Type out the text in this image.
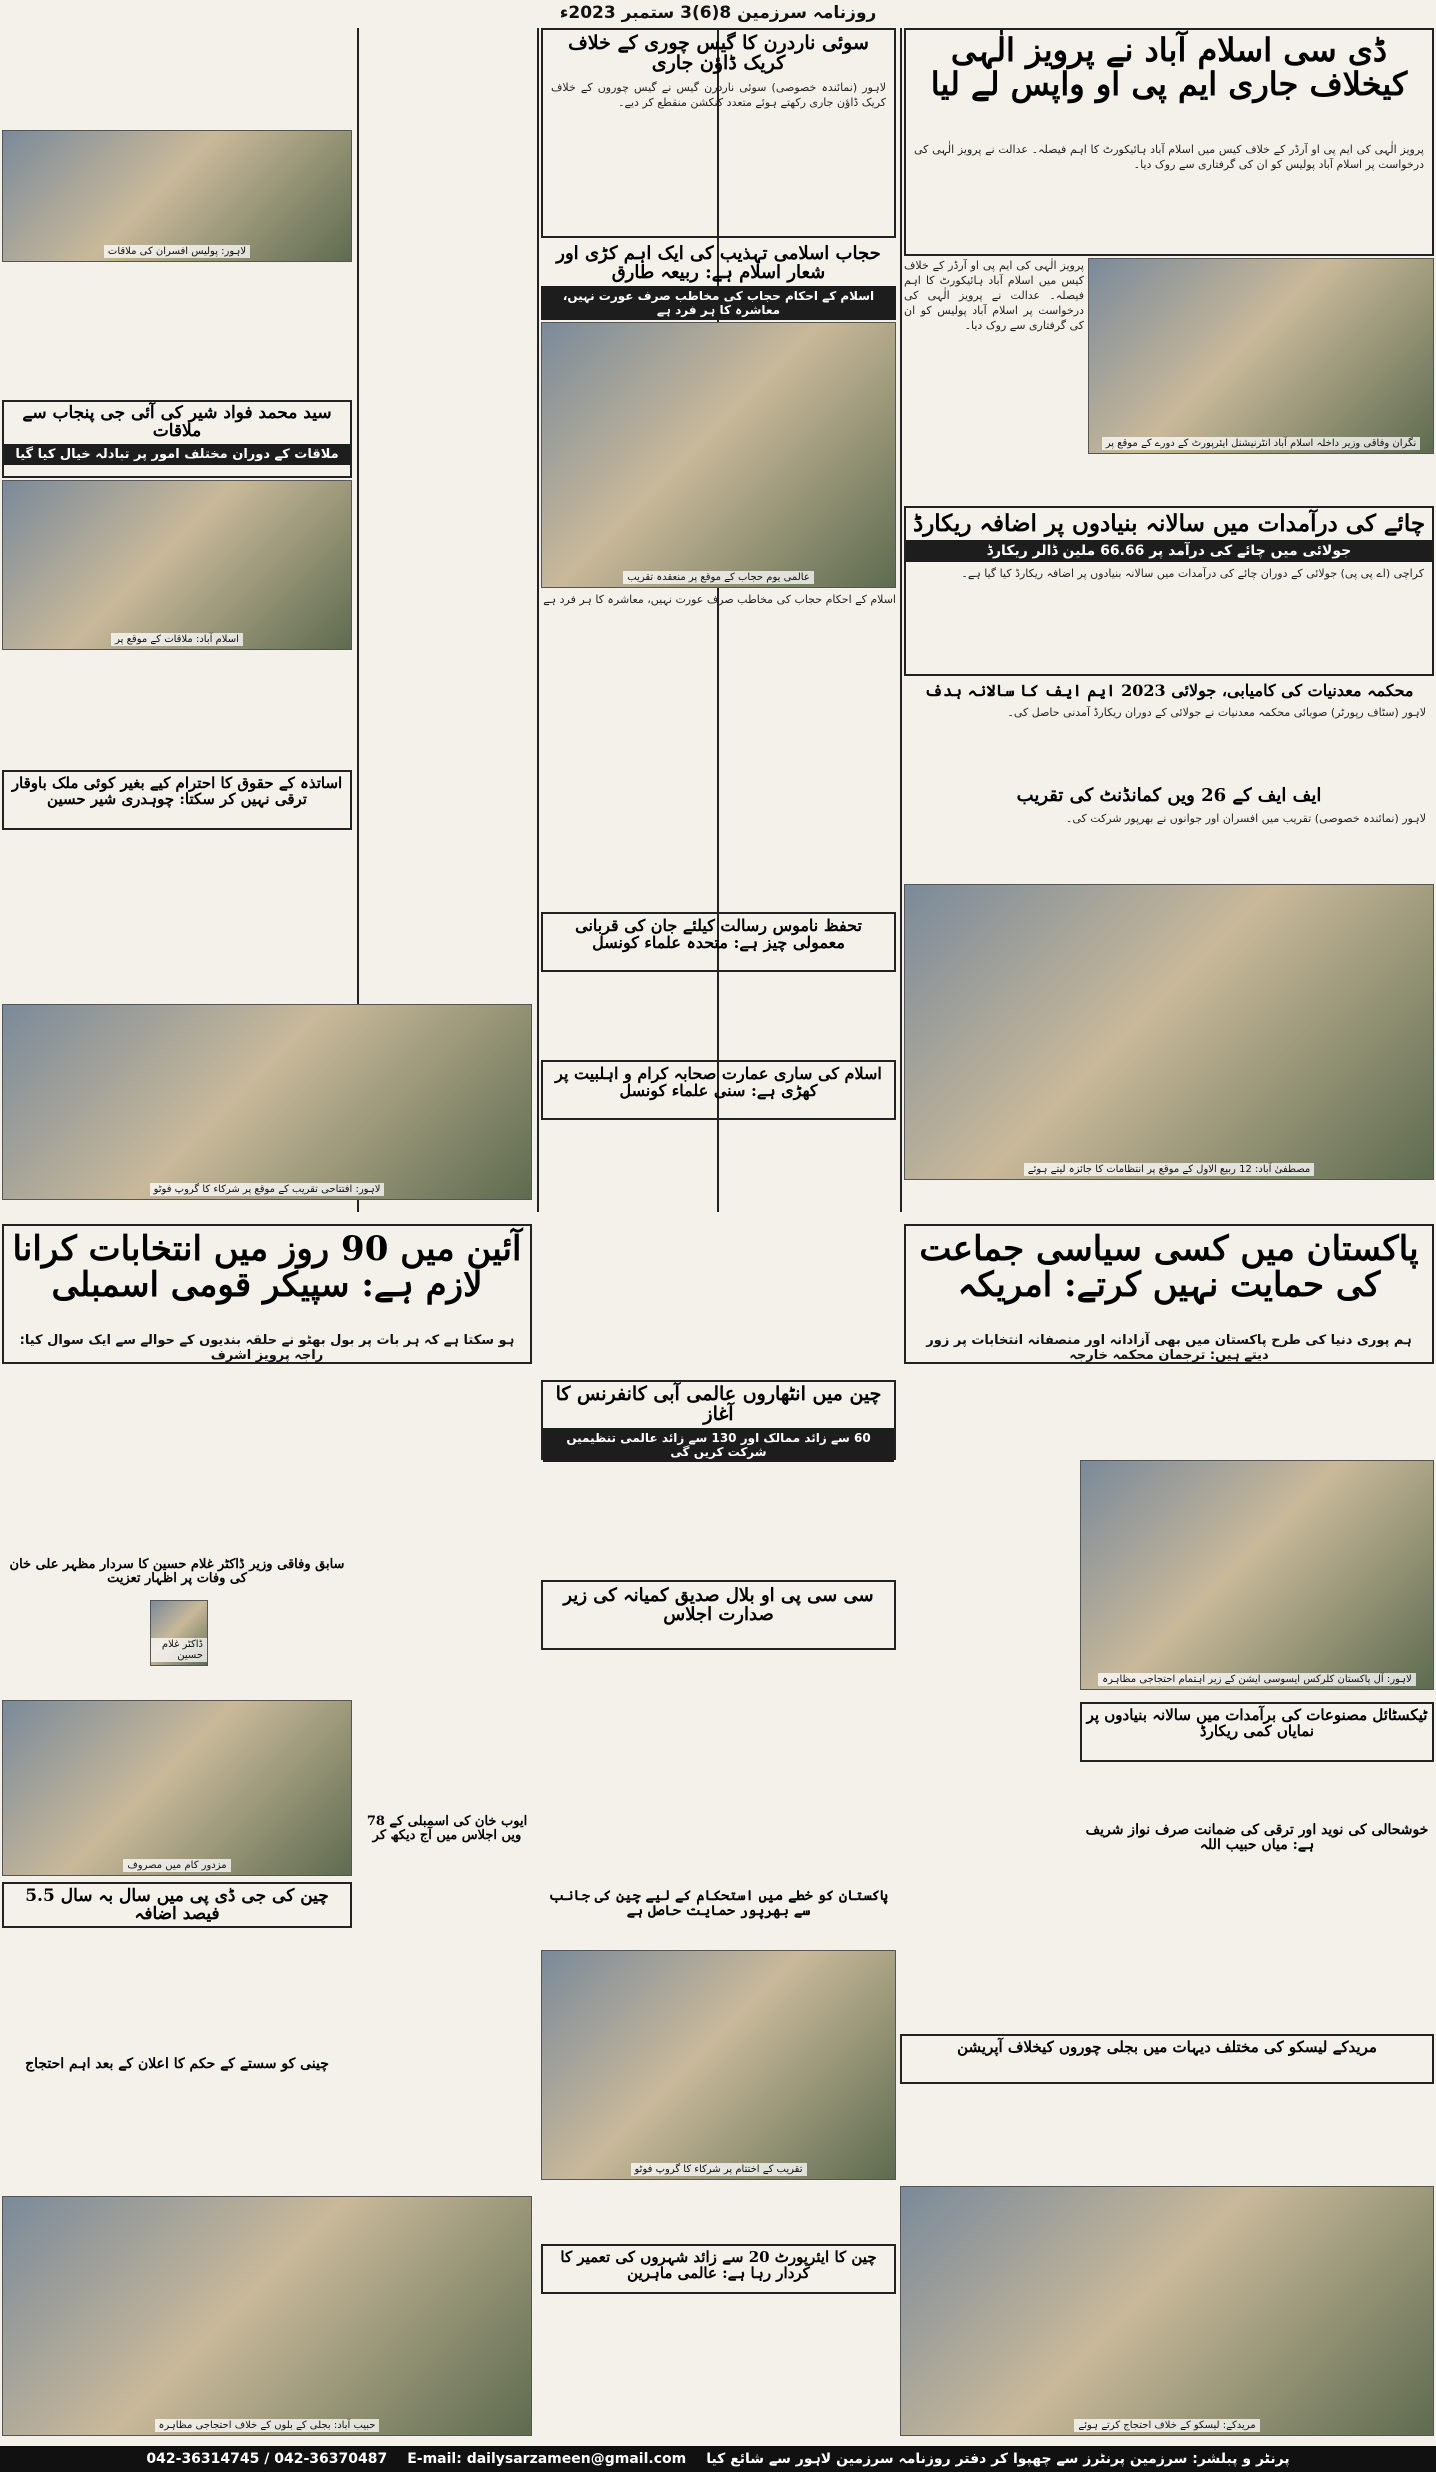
روزنامہ سرزمین 8(6)3 ستمبر 2023ء
ڈی سی اسلام آباد نے پرویز الٰہی کیخلاف جاری ایم پی او واپس لے لیا
پرویز الٰہی کی ایم پی او آرڈر کے خلاف کیس میں اسلام آباد ہائیکورٹ کا اہم فیصلہ۔ عدالت نے پرویز الٰہی کی درخواست پر اسلام آباد پولیس کو ان کی گرفتاری سے روک دیا۔
نگران وفاقی وزیر داخلہ اسلام آباد انٹرنیشنل ایئرپورٹ کے دورے کے موقع پر
پرویز الٰہی کی ایم پی او آرڈر کے خلاف کیس میں اسلام آباد ہائیکورٹ کا اہم فیصلہ۔ عدالت نے پرویز الٰہی کی درخواست پر اسلام آباد پولیس کو ان کی گرفتاری سے روک دیا۔
چائے کی درآمدات میں سالانہ بنیادوں پر اضافہ ریکارڈ
جولائی میں چائے کی درآمد پر 66.66 ملین ڈالر ریکارڈ
کراچی (اے پی پی) جولائی کے دوران چائے کی درآمدات میں سالانہ بنیادوں پر اضافہ ریکارڈ کیا گیا ہے۔
محکمہ معدنیات کی کامیابی، جولائی 2023 ایم ایف کا سالانہ ہدف
لاہور (سٹاف رپورٹر) صوبائی محکمہ معدنیات نے جولائی کے دوران ریکارڈ آمدنی حاصل کی۔
ایف ایف کے 26 ویں کمانڈنٹ کی تقریب
لاہور (نمائندہ خصوصی) تقریب میں افسران اور جوانوں نے بھرپور شرکت کی۔
مصطفیٰ آباد: 12 ربیع الاول کے موقع پر انتظامات کا جائزہ لیتے ہوئے
سوئی ناردرن کا گیس چوری کے خلاف کریک ڈاؤن جاری
لاہور (نمائندہ خصوصی) سوئی ناردرن گیس نے گیس چوروں کے خلاف کریک ڈاؤن جاری رکھتے ہوئے متعدد کنکشن منقطع کر دیے۔
حجاب اسلامی تہذیب کی ایک اہم کڑی اور شعار اسلام ہے: ربیعہ طارق
اسلام کے احکام حجاب کی مخاطب صرف عورت نہیں، معاشرہ کا ہر فرد ہے
عالمی یوم حجاب کے موقع پر منعقدہ تقریب
اسلام کے احکام حجاب کی مخاطب صرف عورت نہیں، معاشرہ کا ہر فرد ہے
تحفظ ناموس رسالت کیلئے جان کی قربانی معمولی چیز ہے: متحدہ علماء کونسل
اسلام کی ساری عمارت صحابہ کرام و اہلبیت پر کھڑی ہے: سنی علماء کونسل
لاہور: پولیس افسران کی ملاقات
سید محمد فواد شیر کی آئی جی پنجاب سے ملاقات
ملاقات کے دوران مختلف امور پر تبادلہ خیال کیا گیا
اسلام آباد: ملاقات کے موقع پر
اساتذہ کے حقوق کا احترام کیے بغیر کوئی ملک باوقار ترقی نہیں کر سکتا: چوہدری شیر حسین
لاہور: افتتاحی تقریب کے موقع پر شرکاء کا گروپ فوٹو
آئین میں 90 روز میں انتخابات کرانا لازم ہے: سپیکر قومی اسمبلی
ہو سکتا ہے کہ ہر بات پر بول بھٹو نے حلقہ بندیوں کے حوالے سے ایک سوال کیا: راجہ پرویز اشرف
پاکستان میں کسی سیاسی جماعت کی حمایت نہیں کرتے: امریکہ
ہم پوری دنیا کی طرح پاکستان میں بھی آزادانہ اور منصفانہ انتخابات پر زور دیتے ہیں: ترجمان محکمہ خارجہ
چین میں انٹھاروں عالمی آبی کانفرنس کا آغاز
60 سے زائد ممالک اور 130 سے زائد عالمی تنظیمیں شرکت کریں گی
سی سی پی او بلال صدیق کمیانہ کی زیر صدارت اجلاس
پاکستان کو خطے میں استحکام کے لیے چین کی جانب سے بھرپور حمایت حاصل ہے
تقریب کے اختتام پر شرکاء کا گروپ فوٹو
چین کا ایئرپورٹ 20 سے زائد شہروں کی تعمیر کا کردار رہا ہے: عالمی ماہرین
لاہور: آل پاکستان کلرکس ایسوسی ایشن کے زیر اہتمام احتجاجی مظاہرہ
ٹیکسٹائل مصنوعات کی برآمدات میں سالانہ بنیادوں پر نمایاں کمی ریکارڈ
خوشحالی کی نوید اور ترقی کی ضمانت صرف نواز شریف ہے: میاں حبیب اللہ
مریدکے لیسکو کی مختلف دیہات میں بجلی چوروں کیخلاف آپریشن
مریدکے: لیسکو کے خلاف احتجاج کرتے ہوئے
سابق وفاقی وزیر ڈاکٹر غلام حسین کا سردار مظہر علی خان کی وفات پر اظہار تعزیت
ڈاکٹر غلام حسین
مزدور کام میں مصروف
چین کی جی ڈی پی میں سال بہ سال 5.5 فیصد اضافہ
چینی کو سستے کے حکم کا اعلان کے بعد اہم احتجاج
حبیب آباد: بجلی کے بلوں کے خلاف احتجاجی مظاہرہ
ایوب خان کی اسمبلی کے 78 ویں اجلاس میں آج دیکھ کر
پرنٹر و پبلشر: سرزمین پرنٹرز سے چھپوا کر دفتر روزنامہ سرزمین لاہور سے شائع کیا
E-mail: dailysarzameen@gmail.com
042-36370487 / 042-36314745
